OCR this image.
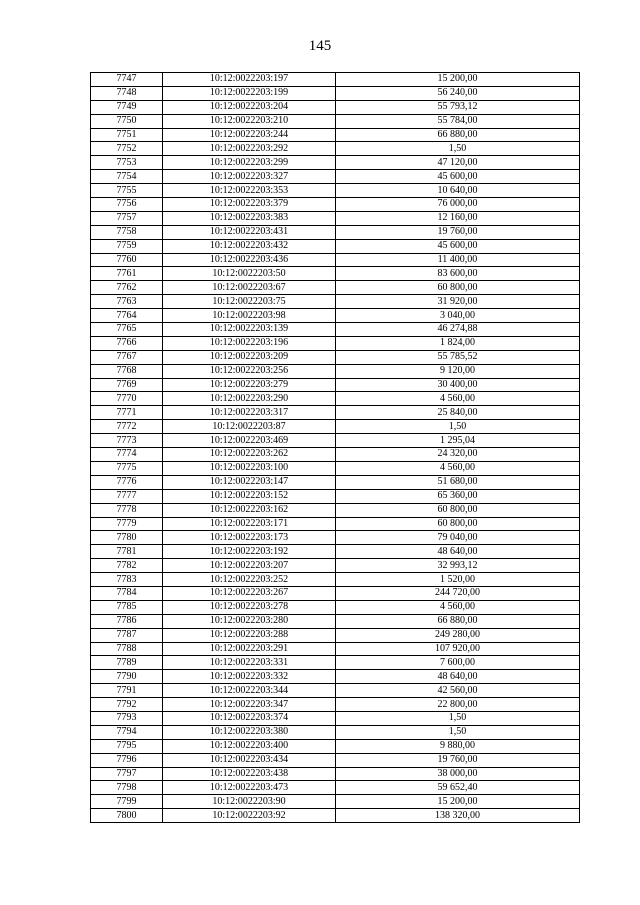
145
7747	10:12:0022203:197	15 200,00
7748	10:12:0022203:199	56 240,00
7749	10:12:0022203:204	55 793,12
7750	10:12:0022203:210	55 784,00
7751	10:12:0022203:244	66 880,00
7752	10:12:0022203:292	1,50
7753	10:12:0022203:299	47 120,00
7754	10:12:0022203:327	45 600,00
7755	10:12:0022203:353	10 640,00
7756	10:12:0022203:379	76 000,00
7757	10:12:0022203:383	12 160,00
7758	10:12:0022203:431	19 760,00
7759	10:12:0022203:432	45 600,00
7760	10:12:0022203:436	11 400,00
7761	10:12:0022203:50	83 600,00
7762	10:12:0022203:67	60 800,00
7763	10:12:0022203:75	31 920,00
7764	10:12:0022203:98	3 040,00
7765	10:12:0022203:139	46 274,88
7766	10:12:0022203:196	1 824,00
7767	10:12:0022203:209	55 785,52
7768	10:12:0022203:256	9 120,00
7769	10:12:0022203:279	30 400,00
7770	10:12:0022203:290	4 560,00
7771	10:12:0022203:317	25 840,00
7772	10:12:0022203:87	1,50
7773	10:12:0022203:469	1 295,04
7774	10:12:0022203:262	24 320,00
7775	10:12:0022203:100	4 560,00
7776	10:12:0022203:147	51 680,00
7777	10:12:0022203:152	65 360,00
7778	10:12:0022203:162	60 800,00
7779	10:12:0022203:171	60 800,00
7780	10:12:0022203:173	79 040,00
7781	10:12:0022203:192	48 640,00
7782	10:12:0022203:207	32 993,12
7783	10:12:0022203:252	1 520,00
7784	10:12:0022203:267	244 720,00
7785	10:12:0022203:278	4 560,00
7786	10:12:0022203:280	66 880,00
7787	10:12:0022203:288	249 280,00
7788	10:12:0022203:291	107 920,00
7789	10:12:0022203:331	7 600,00
7790	10:12:0022203:332	48 640,00
7791	10:12:0022203:344	42 560,00
7792	10:12:0022203:347	22 800,00
7793	10:12:0022203:374	1,50
7794	10:12:0022203:380	1,50
7795	10:12:0022203:400	9 880,00
7796	10:12:0022203:434	19 760,00
7797	10:12:0022203:438	38 000,00
7798	10:12:0022203:473	59 652,40
7799	10:12:0022203:90	15 200,00
7800	10:12:0022203:92	138 320,00
